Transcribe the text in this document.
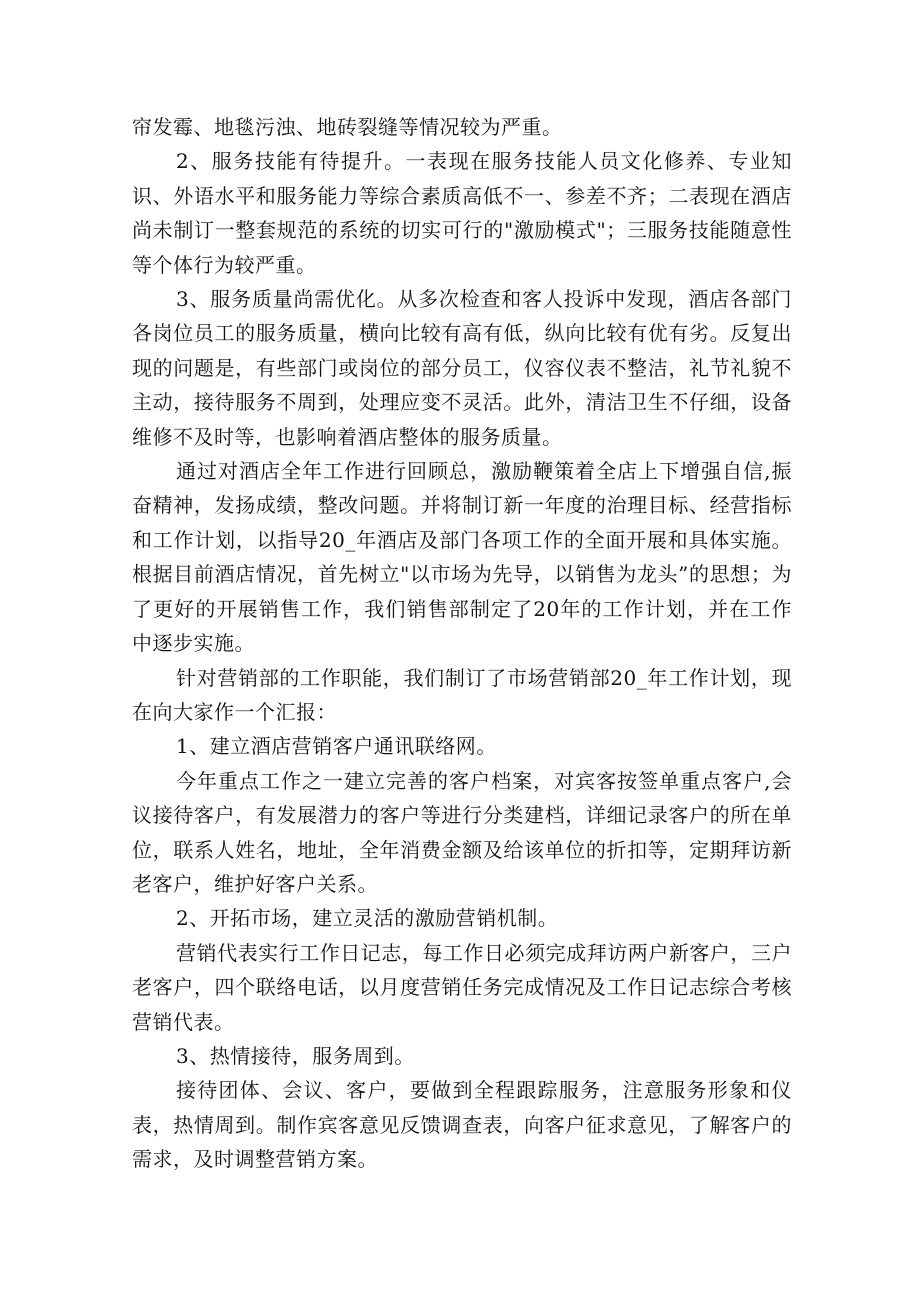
帘发霉、地毯污浊、地砖裂缝等情况较为严重。

2、服务技能有待提升。一表现在服务技能人员文化修养、专业知识、外语水平和服务能力等综合素质高低不一、参差不齐；二表现在酒店尚未制订一整套规范的系统的切实可行的"激励模式"；三服务技能随意性等个体行为较严重。

3、服务质量尚需优化。从多次检查和客人投诉中发现，酒店各部门各岗位员工的服务质量，横向比较有高有低，纵向比较有优有劣。反复出现的问题是，有些部门或岗位的部分员工，仪容仪表不整洁，礼节礼貌不主动，接待服务不周到，处理应变不灵活。此外，清洁卫生不仔细，设备维修不及时等，也影响着酒店整体的服务质量。

通过对酒店全年工作进行回顾总，激励鞭策着全店上下增强自信,振奋精神，发扬成绩，整改问题。并将制订新一年度的治理目标、经营指标和工作计划，以指导20_年酒店及部门各项工作的全面开展和具体实施。根据目前酒店情况，首先树立"以市场为先导，以销售为龙头”的思想；为了更好的开展销售工作，我们销售部制定了20年的工作计划，并在工作中逐步实施。

针对营销部的工作职能，我们制订了市场营销部20_年工作计划，现在向大家作一个汇报：

1、建立酒店营销客户通讯联络网。

今年重点工作之一建立完善的客户档案，对宾客按签单重点客户,会议接待客户，有发展潜力的客户等进行分类建档，详细记录客户的所在单位，联系人姓名，地址，全年消费金额及给该单位的折扣等，定期拜访新老客户，维护好客户关系。

2、开拓市场，建立灵活的激励营销机制。

营销代表实行工作日记志，每工作日必须完成拜访两户新客户，三户老客户，四个联络电话，以月度营销任务完成情况及工作日记志综合考核营销代表。

3、热情接待，服务周到。

接待团体、会议、客户，要做到全程跟踪服务，注意服务形象和仪表，热情周到。制作宾客意见反馈调查表，向客户征求意见，了解客户的需求，及时调整营销方案。
